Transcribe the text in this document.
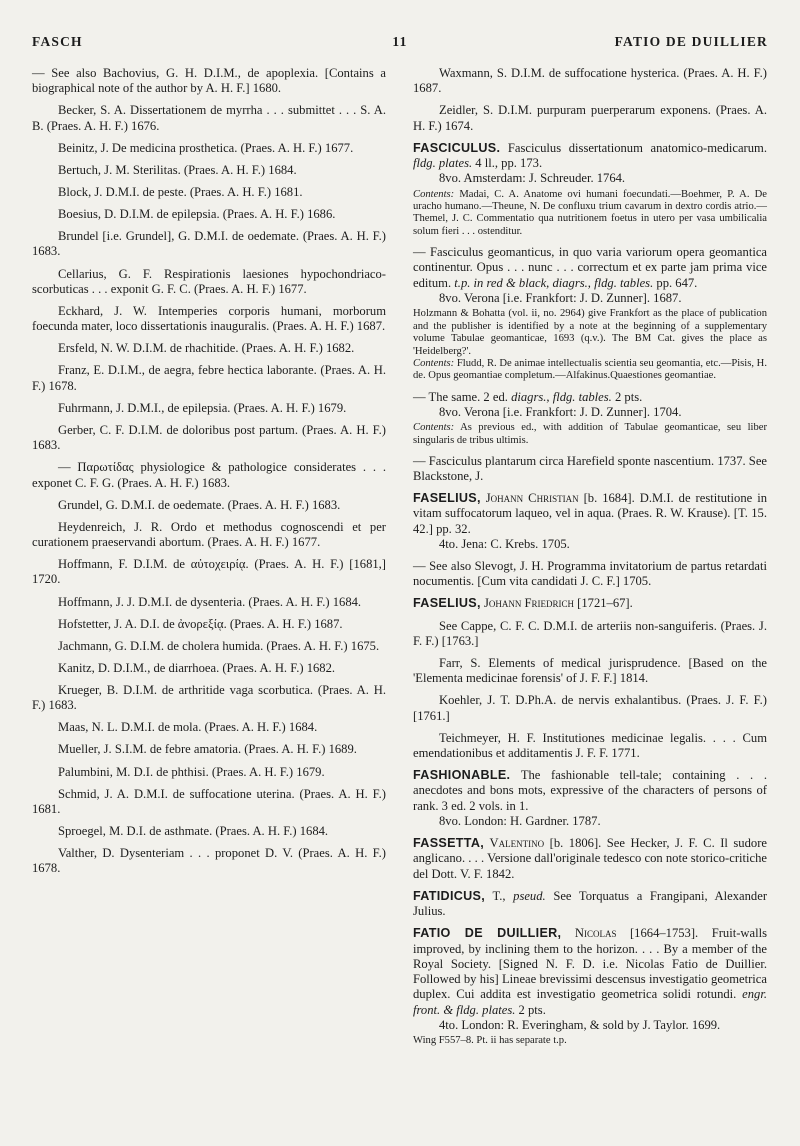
FASCH	11	FATIO DE DUILLIER

— See also Bachovius, G. H. D.I.M., de apoplexia. [Contains a biographical note of the author by A. H. F.] 1680.

Becker, S. A. Dissertationem de myrrha . . . submittet . . . S. A. B. (Praes. A. H. F.) 1676.

Beinitz, J. De medicina prosthetica. (Praes. A. H. F.) 1677.

Bertuch, J. M. Sterilitas. (Praes. A. H. F.) 1684.

Block, J. D.M.I. de peste. (Praes. A. H. F.) 1681.

Boesius, D. D.I.M. de epilepsia. (Praes. A. H. F.) 1686.

Brundel [i.e. Grundel], G. D.M.I. de oedemate. (Praes. A. H. F.) 1683.

Cellarius, G. F. Respirationis laesiones hypochondriaco-scorbuticas . . . exponit G. F. C. (Praes. A. H. F.) 1677.

Eckhard, J. W. Intemperies corporis humani, morborum foecunda mater, loco dissertationis inauguralis. (Praes. A. H. F.) 1687.

Ersfeld, N. W. D.I.M. de rhachitide. (Praes. A. H. F.) 1682.

Franz, E. D.I.M., de aegra, febre hectica laborante. (Praes. A. H. F.) 1678.

Fuhrmann, J. D.M.I., de epilepsia. (Praes. A. H. F.) 1679.

Gerber, C. F. D.I.M. de doloribus post partum. (Praes. A. H. F.) 1683.

— Παρωτίδας physiologice & pathologice considerates . . . exponet C. F. G. (Praes. A. H. F.) 1683.

Grundel, G. D.M.I. de oedemate. (Praes. A. H. F.) 1683.

Heydenreich, J. R. Ordo et methodus cognoscendi et per curationem praeservandi abortum. (Praes. A. H. F.) 1677.

Hoffmann, F. D.I.M. de αὐτοχειρίᾳ. (Praes. A. H. F.) [1681,] 1720.

Hoffmann, J. J. D.M.I. de dysenteria. (Praes. A. H. F.) 1684.

Hofstetter, J. A. D.I. de ἀνορεξίᾳ. (Praes. A. H. F.) 1687.

Jachmann, G. D.I.M. de cholera humida. (Praes. A. H. F.) 1675.

Kanitz, D. D.I.M., de diarrhoea. (Praes. A. H. F.) 1682.

Krueger, B. D.I.M. de arthritide vaga scorbutica. (Praes. A. H. F.) 1683.

Maas, N. L. D.M.I. de mola. (Praes. A. H. F.) 1684.

Mueller, J. S.I.M. de febre amatoria. (Praes. A. H. F.) 1689.

Palumbini, M. D.I. de phthisi. (Praes. A. H. F.) 1679.

Schmid, J. A. D.M.I. de suffocatione uterina. (Praes. A. H. F.) 1681.

Sproegel, M. D.I. de asthmate. (Praes. A. H. F.) 1684.

Valther, D. Dysenteriam . . . proponet D. V. (Praes. A. H. F.) 1678.

Waxmann, S. D.I.M. de suffocatione hysterica. (Praes. A. H. F.) 1687.

Zeidler, S. D.I.M. purpuram puerperarum exponens. (Praes. A. H. F.) 1674.

FASCICULUS. Fasciculus dissertationum anatomico-medicarum. fldg. plates. 4 ll., pp. 173.
8vo. Amsterdam: J. Schreuder. 1764.
Contents: Madai, C. A. Anatome ovi humani foecundati.—Boehmer, P. A. De uracho humano.—Theune, N. De confluxu trium cavarum in dextro cordis atrio.—Themel, J. C. Commentatio qua nutritionem foetus in utero per vasa umbilicalia solum fieri . . . ostenditur.

— Fasciculus geomanticus, in quo varia variorum opera geomantica continentur. Opus . . . nunc . . . correctum et ex parte jam prima vice editum. t.p. in red & black, diagrs., fldg. tables. pp. 647.
8vo. Verona [i.e. Frankfort: J. D. Zunner]. 1687.
Holzmann & Bohatta (vol. ii, no. 2964) give Frankfort as the place of publication and the publisher is identified by a note at the beginning of a supplementary volume Tabulae geomanticae, 1693 (q.v.). The BM Cat. gives the place as 'Heidelberg?'.
Contents: Fludd, R. De animae intellectualis scientia seu geomantia, etc.—Pisis, H. de. Opus geomantiae completum.—Alfakinus.Quaestiones geomantiae.

— The same. 2 ed. diagrs., fldg. tables. 2 pts.
8vo. Verona [i.e. Frankfort: J. D. Zunner]. 1704.
Contents: As previous ed., with addition of Tabulae geomanticae, seu liber singularis de tribus ultimis.

— Fasciculus plantarum circa Harefield sponte nascentium. 1737. See Blackstone, J.

FASELIUS, Johann Christian [b. 1684]. D.M.I. de restitutione in vitam suffocatorum laqueo, vel in aqua. (Praes. R. W. Krause). [T. 15. 42.] pp. 32.
4to. Jena: C. Krebs. 1705.

— See also Slevogt, J. H. Programma invitatorium de partus retardati nocumentis. [Cum vita candidati J. C. F.] 1705.

FASELIUS, Johann Friedrich [1721–67].

See Cappe, C. F. C. D.M.I. de arteriis non-sanguiferis. (Praes. J. F. F.) [1763.]

Farr, S. Elements of medical jurisprudence. [Based on the 'Elementa medicinae forensis' of J. F. F.] 1814.

Koehler, J. T. D.Ph.A. de nervis exhalantibus. (Praes. J. F. F.) [1761.]

Teichmeyer, H. F. Institutiones medicinae legalis. . . . Cum emendationibus et additamentis J. F. F. 1771.

FASHIONABLE. The fashionable tell-tale; containing . . . anecdotes and bons mots, expressive of the characters of persons of rank. 3 ed. 2 vols. in 1.
8vo. London: H. Gardner. 1787.

FASSETTA, Valentino [b. 1806]. See Hecker, J. F. C. Il sudore anglicano. . . . Versione dall'originale tedesco con note storico-critiche del Dott. V. F. 1842.

FATIDICUS, T., pseud. See Torquatus a Frangipani, Alexander Julius.

FATIO DE DUILLIER, Nicolas [1664–1753]. Fruit-walls improved, by inclining them to the horizon. . . . By a member of the Royal Society. [Signed N. F. D. i.e. Nicolas Fatio de Duillier. Followed by his] Lineae brevissimi descensus investigatio geometrica duplex. Cui addita est investigatio geometrica solidi rotundi. engr. front. & fldg. plates. 2 pts.
4to. London: R. Everingham, & sold by J. Taylor. 1699.
Wing F557–8. Pt. ii has separate t.p.
